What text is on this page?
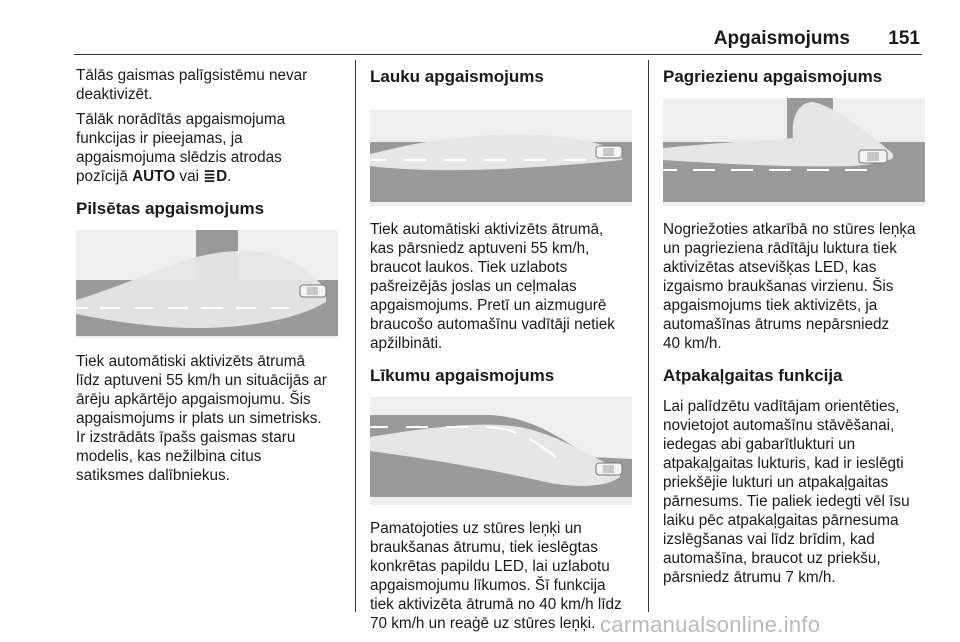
Apgaismojums 151

Tālās gaismas palīgsistēmu nevar deaktivizēt.

Tālāk norādītās apgaismojuma
funkcijas ir pieejamas, ja
apgaismojuma slēdzis atrodas
pozīcijā AUTO vai ≣D.

Pilsētas apgaismojums

Tiek automātiski aktivizēts ātrumā
līdz aptuveni 55 km/h un situācijās ar
ārēju apkārtējo apgaismojumu. Šis
apgaismojums ir plats un simetrisks.
Ir izstrādāts īpašs gaismas staru
modelis, kas nežilbina citus
satiksmes dalībniekus.

Lauku apgaismojums

Tiek automātiski aktivizēts ātrumā,
kas pārsniedz aptuveni 55 km/h,
braucot laukos. Tiek uzlabots
pašreizējās joslas un ceļmalas
apgaismojums. Pretī un aizmugurē
braucošo automašīnu vadītāji netiek
apžilbināti.

Līkumu apgaismojums

Pamatojoties uz stūres leņķi un
braukšanas ātrumu, tiek ieslēgtas
konkrētas papildu LED, lai uzlabotu
apgaismojumu līkumos. Šī funkcija
tiek aktivizēta ātrumā no 40 km/h līdz
70 km/h un reaģē uz stūres leņķi.

Pagriezienu apgaismojums

Nogriežoties atkarībā no stūres leņķa
un pagrieziena rādītāju luktura tiek
aktivizētas atsevišķas LED, kas
izgaismo braukšanas virzienu. Šis
apgaismojums tiek aktivizēts, ja
automašīnas ātrums nepārsniedz
40 km/h.

Atpakaļgaitas funkcija

Lai palīdzētu vadītājam orientēties,
novietojot automašīnu stāvēšanai,
iedegas abi gabarītlukturi un
atpakaļgaitas lukturis, kad ir ieslēgti
priekšējie lukturi un atpakaļgaitas
pārnesums. Tie paliek iedegti vēl īsu
laiku pēc atpakaļgaitas pārnesuma
izslēgšanas vai līdz brīdim, kad
automašīna, braucot uz priekšu,
pārsniedz ātrumu 7 km/h.

carmanualsonline.info
